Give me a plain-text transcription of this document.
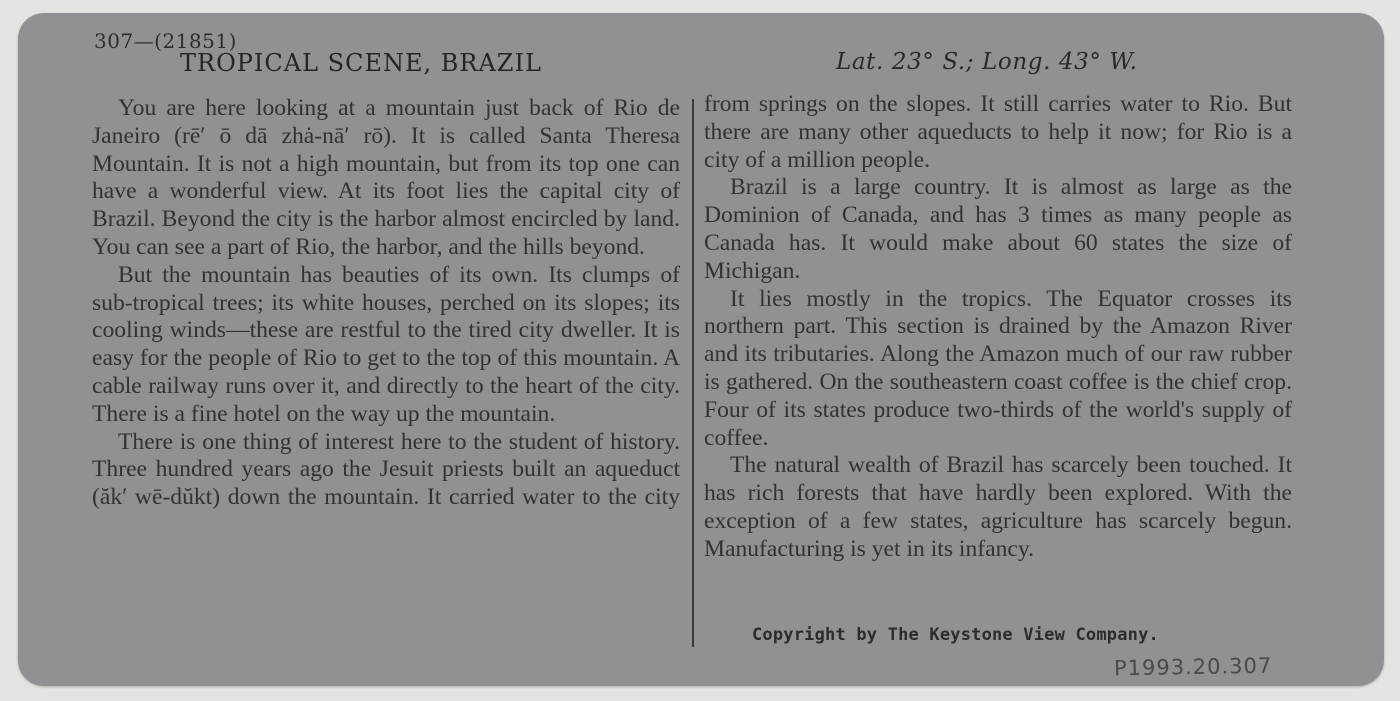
307—(21851)
TROPICAL SCENE, BRAZIL	Lat. 23° S.; Long. 43° W.

You are here looking at a mountain just back of Rio de Janeiro (rē′ ō dā zhȧ-nā′ rō). It is called Santa Theresa Mountain. It is not a high mountain, but from its top one can have a wonderful view. At its foot lies the capital city of Brazil. Beyond the city is the harbor almost encircled by land. You can see a part of Rio, the harbor, and the hills beyond.

But the mountain has beauties of its own. Its clumps of sub-tropical trees; its white houses, perched on its slopes; its cooling winds—these are restful to the tired city dweller. It is easy for the people of Rio to get to the top of this mountain. A cable railway runs over it, and directly to the heart of the city. There is a fine hotel on the way up the mountain.

There is one thing of interest here to the student of history. Three hundred years ago the Jesuit priests built an aqueduct (ăk′ wē-dŭkt) down the mountain. It carried water to the city

from springs on the slopes. It still carries water to Rio. But there are many other aqueducts to help it now; for Rio is a city of a million people.

Brazil is a large country. It is almost as large as the Dominion of Canada, and has 3 times as many people as Canada has. It would make about 60 states the size of Michigan.

It lies mostly in the tropics. The Equator crosses its northern part. This section is drained by the Amazon River and its tributaries. Along the Amazon much of our raw rubber is gathered. On the southeastern coast coffee is the chief crop. Four of its states produce two-thirds of the world's supply of coffee.

The natural wealth of Brazil has scarcely been touched. It has rich forests that have hardly been explored. With the exception of a few states, agriculture has scarcely begun. Manufacturing is yet in its infancy.

Copyright by The Keystone View Company.
P1993.20.307
